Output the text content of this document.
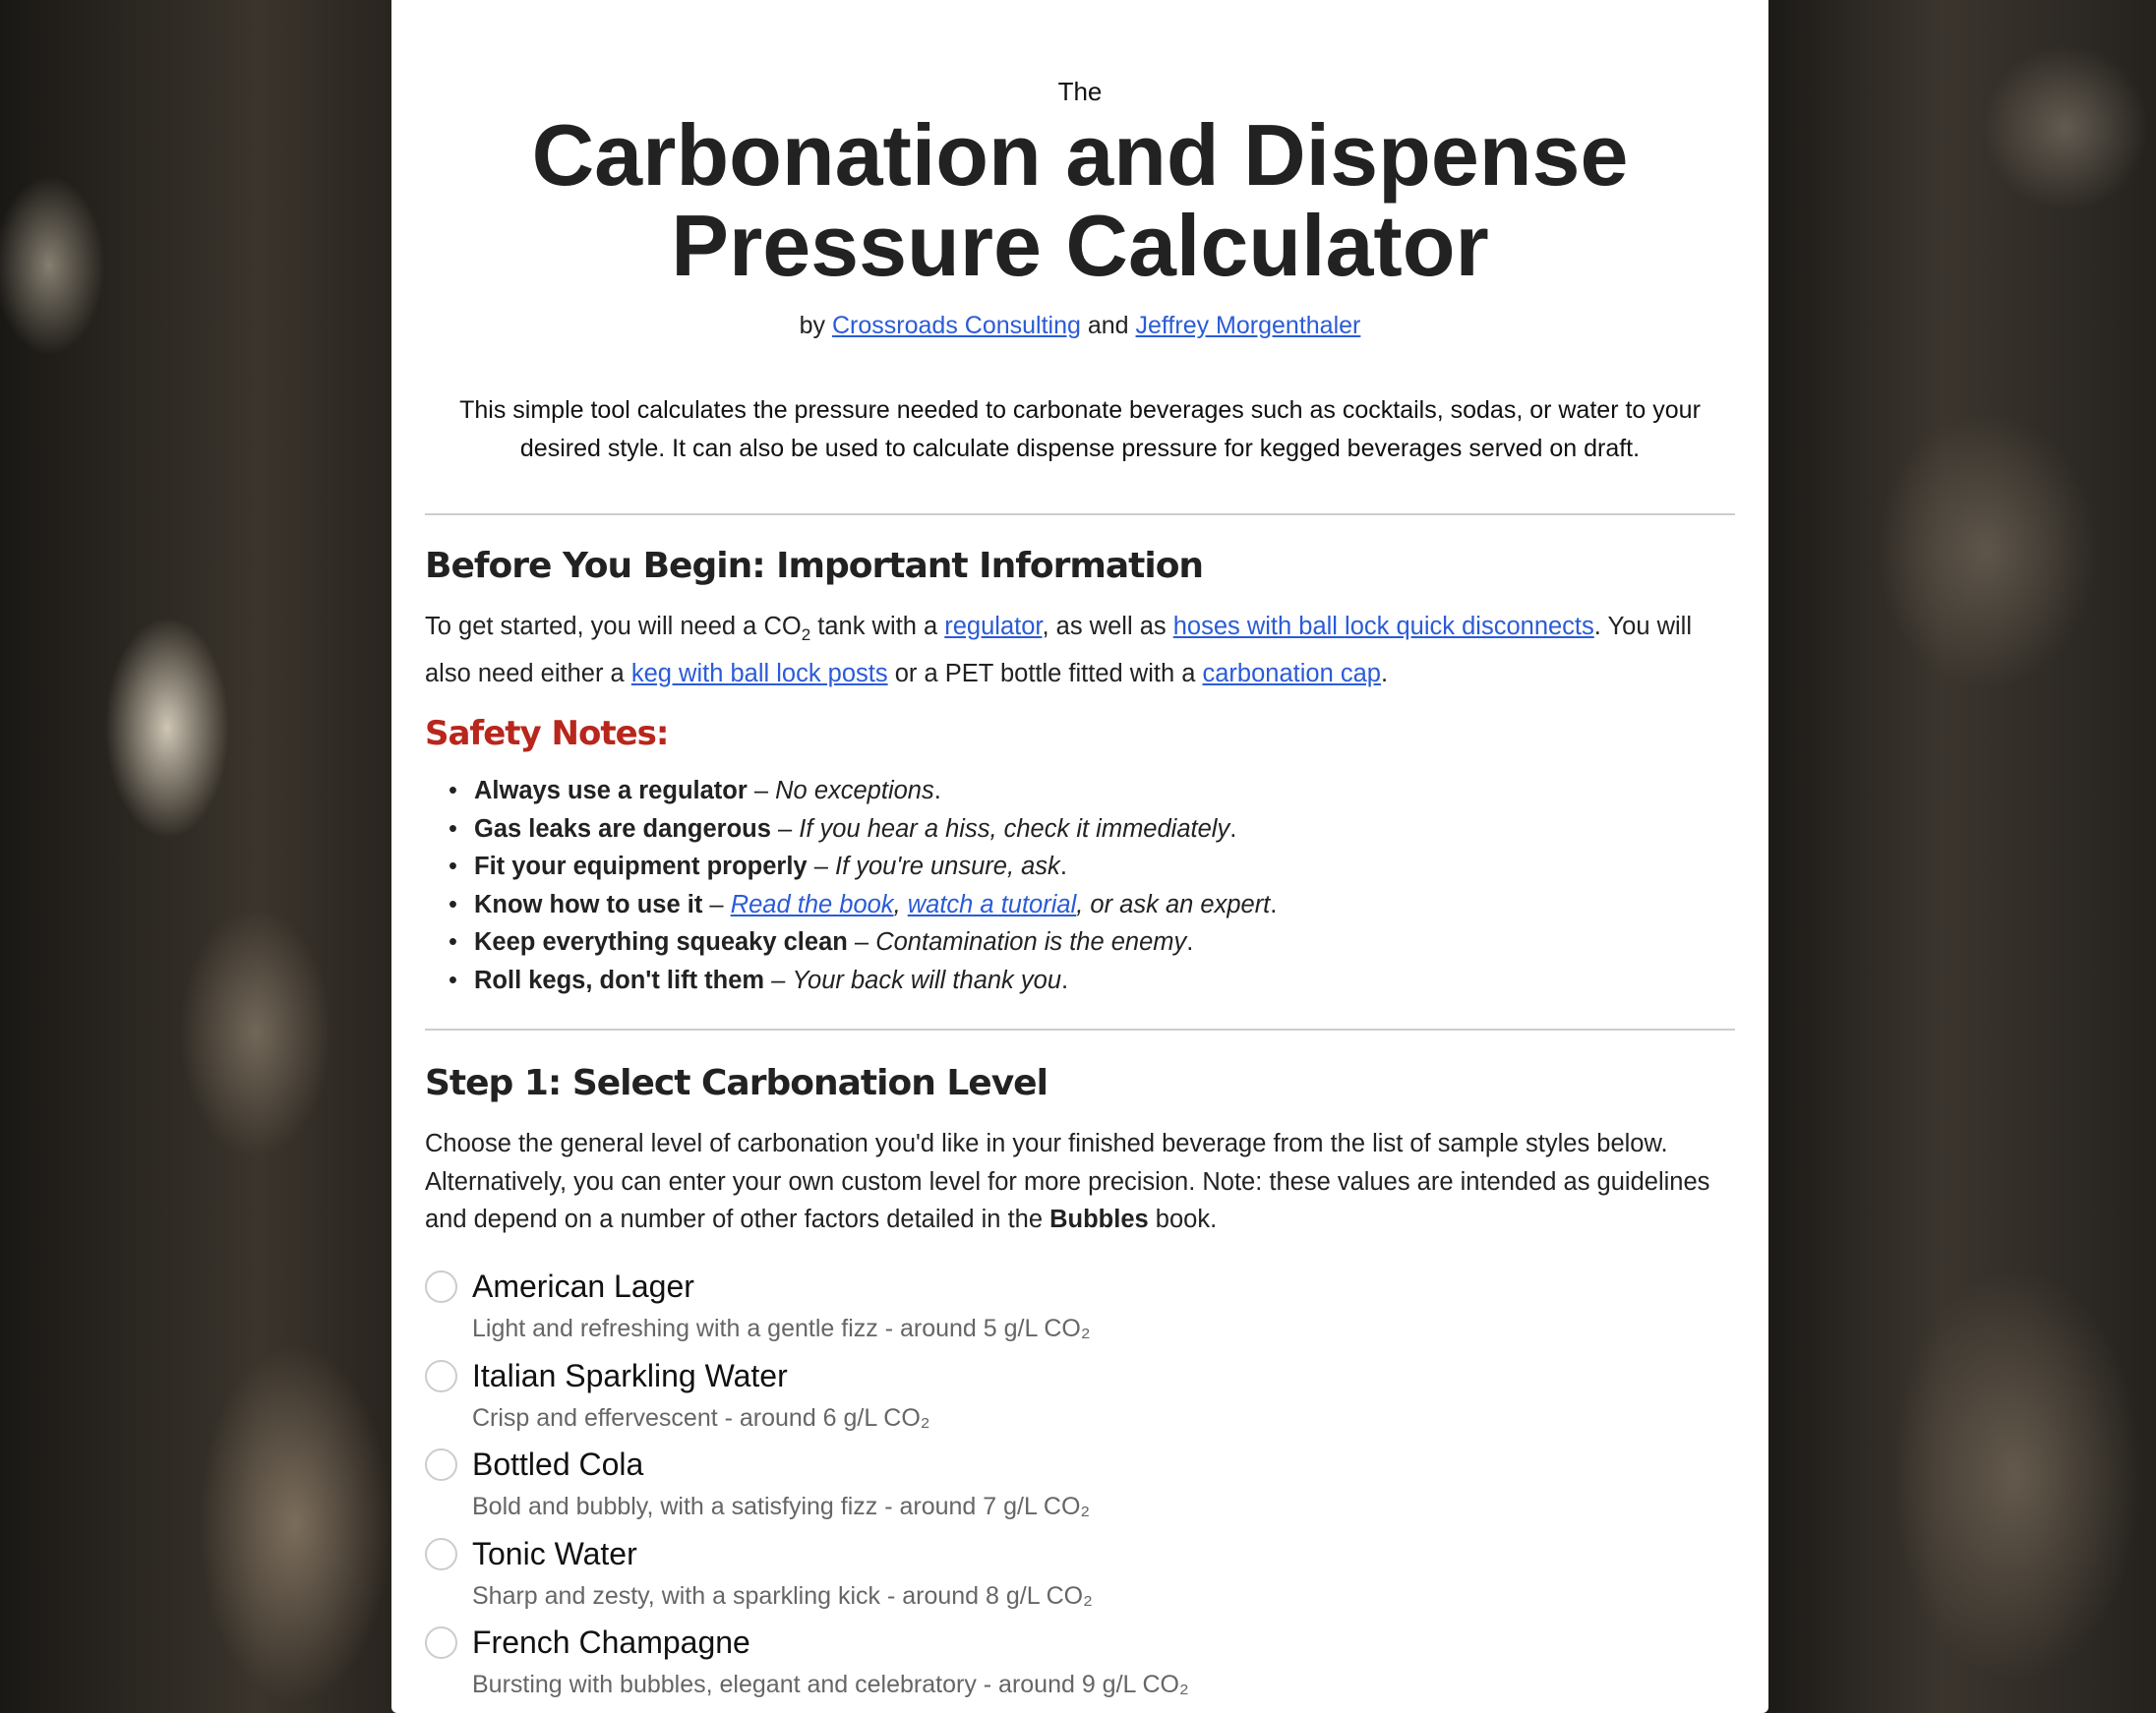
The
Carbonation and Dispense
Pressure Calculator
by Crossroads Consulting and Jeffrey Morgenthaler
This simple tool calculates the pressure needed to carbonate beverages such as cocktails, sodas, or water to your desired style. It can also be used to calculate dispense pressure for kegged beverages served on draft.
Before You Begin: Important Information
To get started, you will need a $CO_2$ tank with a regulator, as well as hoses with ball lock quick disconnects. You will also need either a keg with ball lock posts or a PET bottle fitted with a carbonation cap.
Safety Notes:
• Always use a regulator – No exceptions.
• Gas leaks are dangerous – If you hear a hiss, check it immediately.
• Fit your equipment properly – If you're unsure, ask.
• Know how to use it – Read the book, watch a tutorial, or ask an expert.
• Keep everything squeaky clean – Contamination is the enemy.
• Roll kegs, don't lift them – Your back will thank you.
Step 1: Select Carbonation Level
Choose the general level of carbonation you'd like in your finished beverage from the list of sample styles below. Alternatively, you can enter your own custom level for more precision. Note: these values are intended as guidelines and depend on a number of other factors detailed in the Bubbles book.
American Lager
Light and refreshing with a gentle fizz - around 5 g/L CO₂
Italian Sparkling Water
Crisp and effervescent - around 6 g/L CO₂
Bottled Cola
Bold and bubbly, with a satisfying fizz - around 7 g/L CO₂
Tonic Water
Sharp and zesty, with a sparkling kick - around 8 g/L CO₂
French Champagne
Bursting with bubbles, elegant and celebratory - around 9 g/L CO₂
